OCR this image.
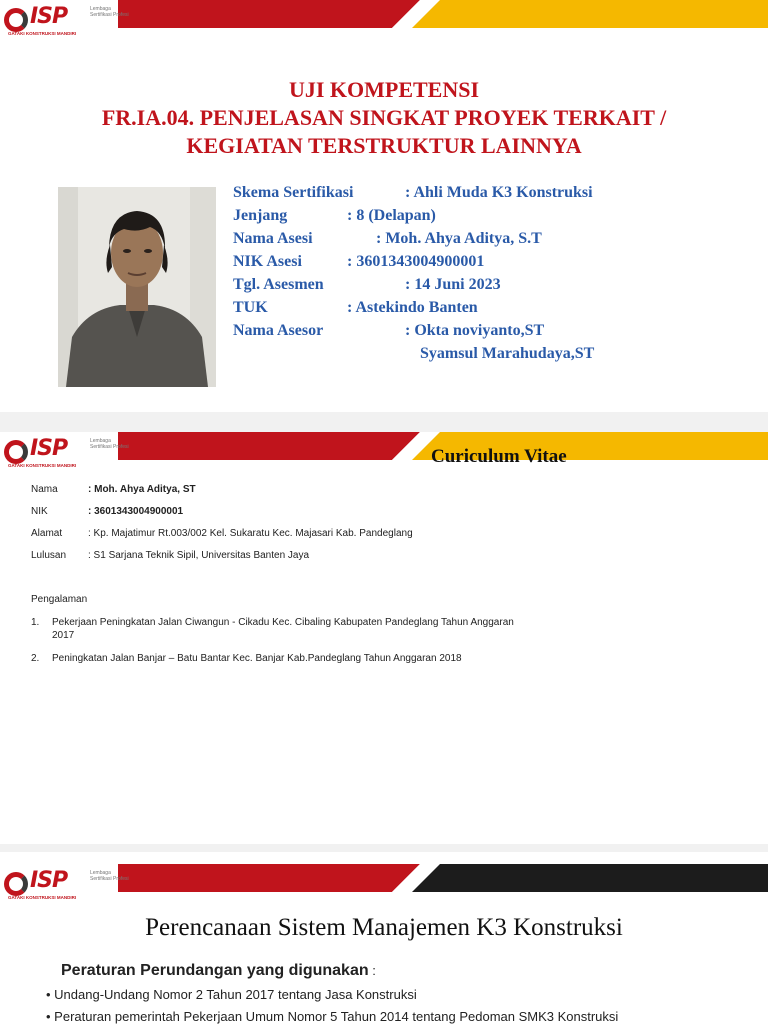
ISP	Lembaga Sertifikasi Profesi
GATAKI KONSTRUKSI MANDIRI
UJI KOMPETENSI
FR.IA.04. PENJELASAN SINGKAT PROYEK TERKAIT /
KEGIATAN TERSTRUKTUR LAINNYA
Skema Sertifikasi	: Ahli Muda K3 Konstruksi
Jenjang	: 8 (Delapan)
Nama Asesi	: Moh. Ahya Aditya, S.T
NIK Asesi	: 3601343004900001
Tgl. Asesmen	: 14 Juni 2023
TUK	: Astekindo Banten
Nama Asesor	: Okta noviyanto,ST
Syamsul Marahudaya,ST
ISP	Lembaga Sertifikasi Profesi
GATAKI KONSTRUKSI MANDIRI	Curiculum Vitae
Nama	: Moh. Ahya Aditya, ST
NIK	: 3601343004900001
Alamat	: Kp. Majatimur Rt.003/002 Kel. Sukaratu Kec. Majasari Kab. Pandeglang
Lulusan : S1 Sarjana Teknik Sipil, Universitas Banten Jaya
Pengalaman
1. Pekerjaan Peningkatan Jalan Ciwangun - Cikadu Kec. Cibaling Kabupaten Pandeglang Tahun Anggaran
2017
2. Peningkatan Jalan Banjar – Batu Bantar Kec. Banjar Kab.Pandeglang Tahun Anggaran 2018
ISP	Lembaga Sertifikasi Profesi
GATAKI KONSTRUKSI MANDIRI
Perencanaan Sistem Manajemen K3 Konstruksi
Peraturan Perundangan yang digunakan :
• Undang-Undang Nomor 2 Tahun 2017 tentang Jasa Konstruksi
• Peraturan pemerintah Pekerjaan Umum Nomor 5 Tahun 2014 tentang Pedoman SMK3 Konstruksi
